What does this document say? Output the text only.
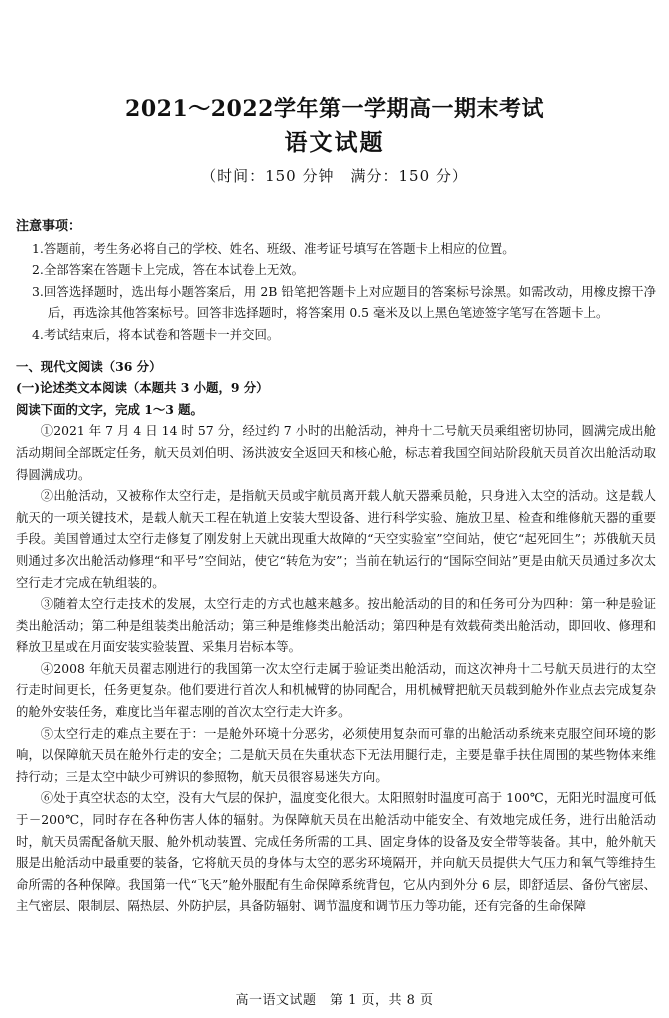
2021～2022学年第一学期高一期末考试
语文试题
（时间：150 分钟　满分：150 分）
注意事项：
1.答题前，考生务必将自己的学校、姓名、班级、准考证号填写在答题卡上相应的位置。
2.全部答案在答题卡上完成，答在本试卷上无效。
3.回答选择题时，选出每小题答案后，用 2B 铅笔把答题卡上对应题目的答案标号涂黑。如需改动，用橡皮擦干净后，再选涂其他答案标号。回答非选择题时，将答案用 0.5 毫米及以上黑色笔迹签字笔写在答题卡上。
4.考试结束后，将本试卷和答题卡一并交回。
一、现代文阅读（36 分）
(一)论述类文本阅读（本题共 3 小题，9 分）
阅读下面的文字，完成 1～3 题。
①2021 年 7 月 4 日 14 时 57 分，经过约 7 小时的出舱活动，神舟十二号航天员乘组密切协同，圆满完成出舱活动期间全部既定任务，航天员刘伯明、汤洪波安全返回天和核心舱，标志着我国空间站阶段航天员首次出舱活动取得圆满成功。
②出舱活动，又被称作太空行走，是指航天员或宇航员离开载人航天器乘员舱，只身进入太空的活动。这是载人航天的一项关键技术，是载人航天工程在轨道上安装大型设备、进行科学实验、施放卫星、检查和维修航天器的重要手段。美国曾通过太空行走修复了刚发射上天就出现重大故障的“天空实验室”空间站，使它“起死回生”；苏俄航天员则通过多次出舱活动修理“和平号”空间站，使它“转危为安”；当前在轨运行的“国际空间站”更是由航天员通过多次太空行走才完成在轨组装的。
③随着太空行走技术的发展，太空行走的方式也越来越多。按出舱活动的目的和任务可分为四种：第一种是验证类出舱活动；第二种是组装类出舱活动；第三种是维修类出舱活动；第四种是有效载荷类出舱活动，即回收、修理和释放卫星或在月面安装实验装置、采集月岩标本等。
④2008 年航天员翟志刚进行的我国第一次太空行走属于验证类出舱活动，而这次神舟十二号航天员进行的太空行走时间更长，任务更复杂。他们要进行首次人和机械臂的协同配合，用机械臂把航天员载到舱外作业点去完成复杂的舱外安装任务，难度比当年翟志刚的首次太空行走大许多。
⑤太空行走的难点主要在于：一是舱外环境十分恶劣，必须使用复杂而可靠的出舱活动系统来克服空间环境的影响，以保障航天员在舱外行走的安全；二是航天员在失重状态下无法用腿行走，主要是靠手扶住周围的某些物体来维持行动；三是太空中缺少可辨识的参照物，航天员很容易迷失方向。
⑥处于真空状态的太空，没有大气层的保护，温度变化很大。太阳照射时温度可高于 100℃，无阳光时温度可低于－200℃，同时存在各种伤害人体的辐射。为保障航天员在出舱活动中能安全、有效地完成任务，进行出舱活动时，航天员需配备航天服、舱外机动装置、完成任务所需的工具、固定身体的设备及安全带等装备。其中，舱外航天服是出舱活动中最重要的装备，它将航天员的身体与太空的恶劣环境隔开，并向航天员提供大气压力和氧气等维持生命所需的各种保障。我国第一代“飞天”舱外服配有生命保障系统背包，它从内到外分 6 层，即舒适层、备份气密层、主气密层、限制层、隔热层、外防护层，具备防辐射、调节温度和调节压力等功能，还有完备的生命保障
高一语文试题　第 1 页，共 8 页
